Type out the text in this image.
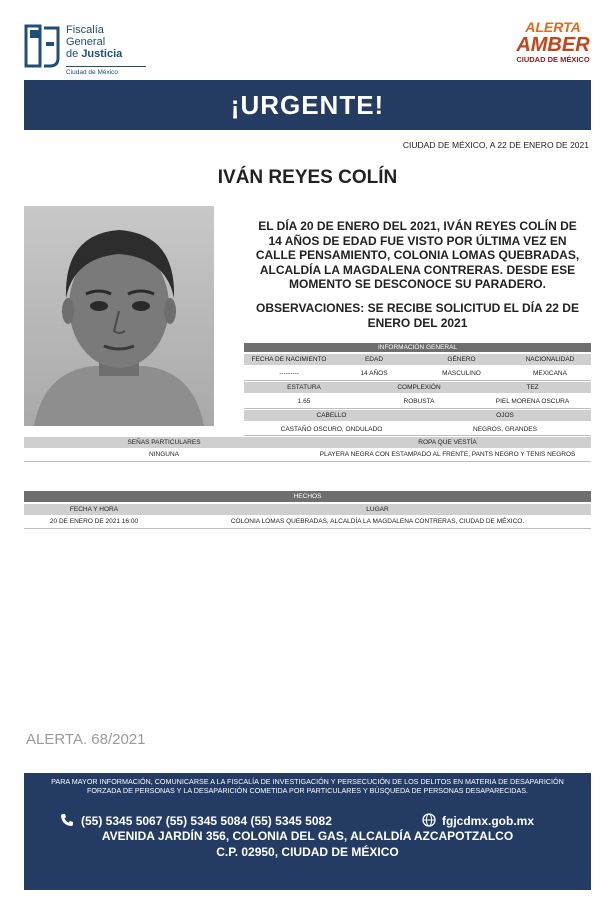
Fiscalía
General
de Justicia
Ciudad de México
ALERTA
AMBER
CIUDAD DE MÉXICO
¡URGENTE!
CIUDAD DE MÉXICO, A 22 DE ENERO DE 2021
IVÁN REYES COLÍN
EL DÍA 20 DE ENERO DEL 2021, IVÁN REYES COLÍN DE 14 AÑOS DE EDAD FUE VISTO POR ÚLTIMA VEZ EN CALLE PENSAMIENTO, COLONIA LOMAS QUEBRADAS, ALCALDÍA LA MAGDALENA CONTRERAS. DESDE ESE MOMENTO SE DESCONOCE SU PARADERO.
OBSERVACIONES: SE RECIBE SOLICITUD EL DÍA 22 DE ENERO DEL 2021
INFORMACIÓN GENERAL
FECHA DE NACIMIENTO	EDAD	GÉNERO	NACIONALIDAD
---------	14 AÑOS	MASCULINO	MEXICANA
ESTATURA	COMPLEXIÓN	TEZ
1.65	ROBUSTA	PIEL MORENA OSCURA
CABELLO	OJOS
CASTAÑO OSCURO, ONDULADO	NEGROS, GRANDES
SEÑAS PARTICULARES	ROPA QUE VESTÍA
NINGUNA	PLAYERA NEGRA CON ESTAMPADO AL FRENTE, PANTS NEGRO Y TENIS NEGROS
HECHOS
FECHA Y HORA	LUGAR
20 DE ENERO DE 2021 16:00	COLONIA LOMAS QUEBRADAS, ALCALDÍA LA MAGDALENA CONTRERAS, CIUDAD DE MÉXICO.
ALERTA. 68/2021
PARA MAYOR INFORMACIÓN, COMUNICARSE A LA FISCALÍA DE INVESTIGACIÓN Y PERSECUCIÓN DE LOS DELITOS EN MATERIA DE DESAPARICIÓN FORZADA DE PERSONAS Y LA DESAPARICIÓN COMETIDA POR PARTICULARES Y BÚSQUEDA DE PERSONAS DESAPARECIDAS.
(55) 5345 5067 (55) 5345 5084 (55) 5345 5082	fgjcdmx.gob.mx
AVENIDA JARDÍN 356, COLONIA DEL GAS, ALCALDÍA AZCAPOTZALCO
C.P. 02950, CIUDAD DE MÉXICO
